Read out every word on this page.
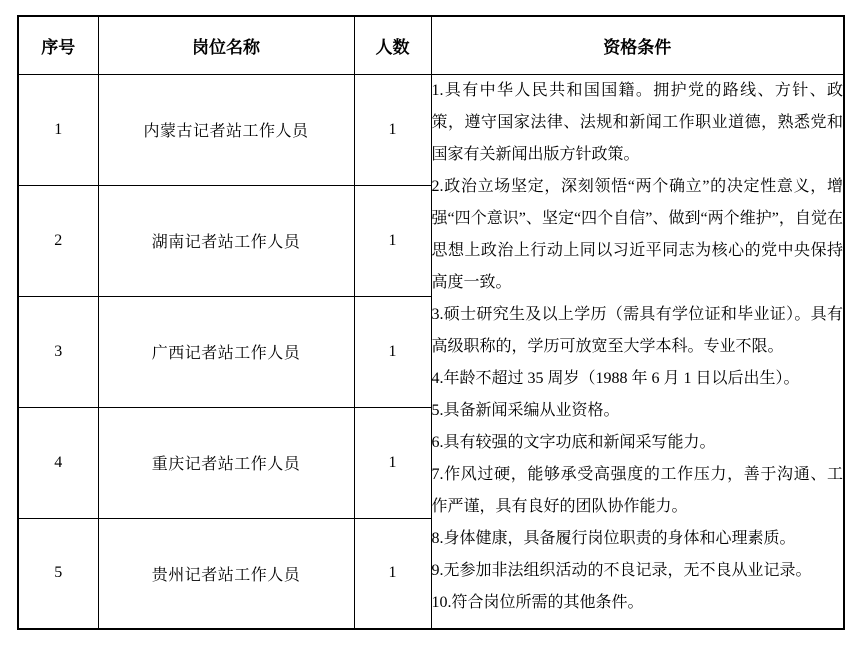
序号	岗位名称	人数	资格条件
1	内蒙古记者站工作人员	1	

1.具有中华人民共和国国籍。拥护党的路线、方针、政策，遵守国家法律、法规和新闻工作职业道德，熟悉党和国家有关新闻出版方针政策。

2.政治立场坚定，深刻领悟“两个确立”的决定性意义，增强“四个意识”、坚定“四个自信”、做到“两个维护”，自觉在思想上政治上行动上同以习近平同志为核心的党中央保持高度一致。

3.硕士研究生及以上学历（需具有学位证和毕业证）。具有高级职称的，学历可放宽至大学本科。专业不限。

4.年龄不超过 35 周岁（1988 年 6 月 1 日以后出生）。

5.具备新闻采编从业资格。

6.具有较强的文字功底和新闻采写能力。

7.作风过硬，能够承受高强度的工作压力，善于沟通、工作严谨，具有良好的团队协作能力。

8.身体健康，具备履行岗位职责的身体和心理素质。

9.无参加非法组织活动的不良记录，无不良从业记录。

10.符合岗位所需的其他条件。

2	湖南记者站工作人员	1	
3	广西记者站工作人员	1	
4	重庆记者站工作人员	1	
5	贵州记者站工作人员	1	
